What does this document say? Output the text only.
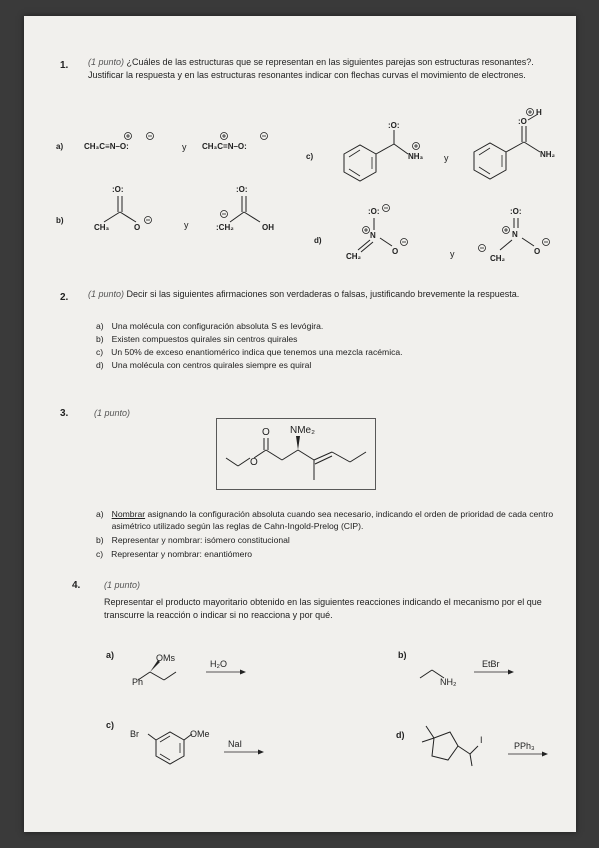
1. (1 punto) ¿Cuáles de las estructuras que se representan en las siguientes parejas son estructuras resonantes?. Justificar la respuesta y en las estructuras resonantes indicar con flechas curvas el movimiento de electrones.
a)	CH₃C≡N–O:	y CH₃C=N–O:
c)
:O:
NH₃ y
:O
H
NH₂
b)
:O:
O
CH₃	y
:O:
:CH₂	OH
d)
:O:
N
O
CH₂	y
:O:
N
O
CH₂
2. (1 punto) Decir si las siguientes afirmaciones son verdaderas o falsas, justificando brevemente la respuesta.
a) Una molécula con configuración absoluta S es levógira.
b) Existen compuestos quirales sin centros quirales
c) Un 50% de exceso enantiomérico indica que tenemos una mezcla racémica.
d) Una molécula con centros quirales siempre es quiral
3.	(1 punto)
O
O NMe₂
a) Nombrar asignando la configuración absoluta cuando sea necesario, indicando el orden de prioridad de cada centro asimétrico utilizado según las reglas de Cahn-Ingold-Prelog (CIP).
b) Representar y nombrar: isómero constitucional
c) Representar y nombrar: enantiómero
4.	(1 punto)
Representar el producto mayoritario obtenido en las siguientes reacciones indicando el mecanismo por el que transcurre la reacción o indicar si no reacciona y por qué.
a)	OMs
Ph
H₂O
b)
NH₂
EtBr
c)
Br	OMe
NaI
d)	I
PPh₃
